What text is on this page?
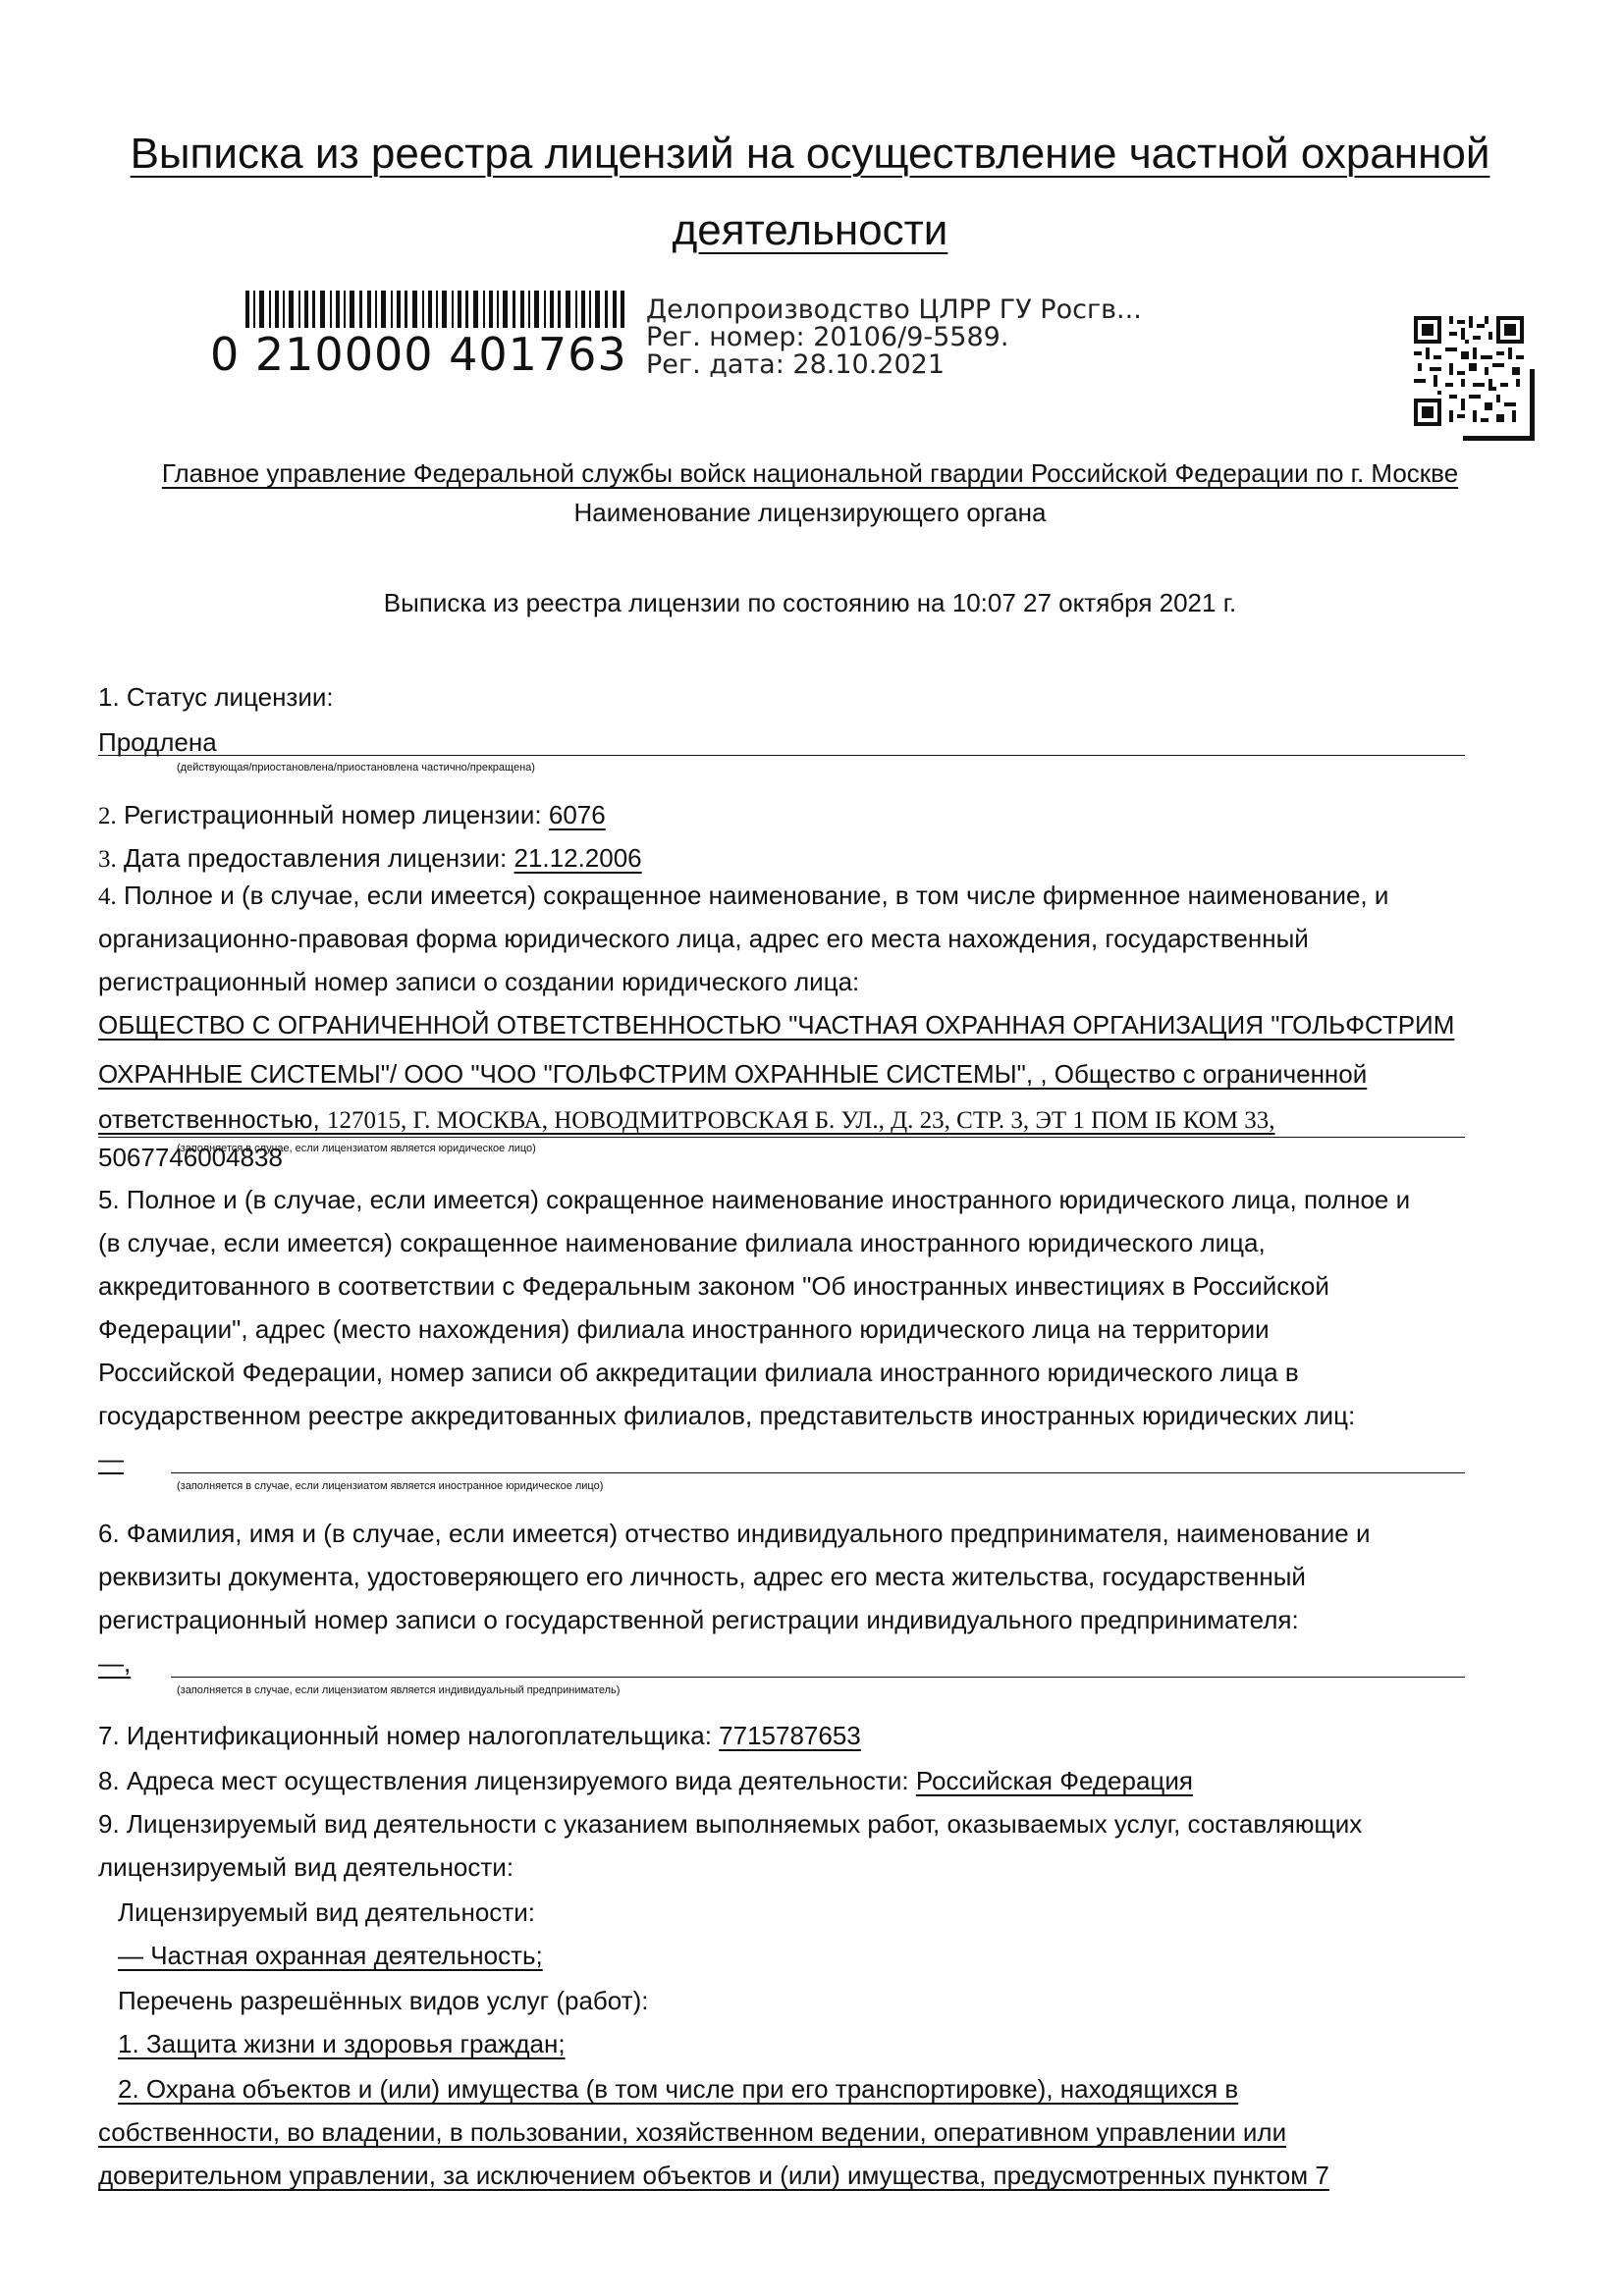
Выписка из реестра лицензий на осуществление частной охранной
деятельности
0 210000 401763
Делопроизводство ЦЛРР ГУ Росгв...
Рег. номер: 20106/9-5589.
Рег. дата: 28.10.2021
Главное управление Федеральной службы войск национальной гвардии Российской Федерации по г. Москве
Наименование лицензирующего органа
Выписка из реестра лицензии по состоянию на 10:07 27 октября 2021 г.
1. Статус лицензии:
Продлена
(действующая/приостановлена/приостановлена частично/прекращена)
2. Регистрационный номер лицензии: 6076
3. Дата предоставления лицензии: 21.12.2006
4. Полное и (в случае, если имеется) сокращенное наименование, в том числе фирменное наименование, и
организационно-правовая форма юридического лица, адрес его места нахождения, государственный
регистрационный номер записи о создании юридического лица:
ОБЩЕСТВО С ОГРАНИЧЕННОЙ ОТВЕТСТВЕННОСТЬЮ "ЧАСТНАЯ ОХРАННАЯ ОРГАНИЗАЦИЯ "ГОЛЬФСТРИМ
ОХРАННЫЕ СИСТЕМЫ"/ ООО "ЧОО "ГОЛЬФСТРИМ ОХРАННЫЕ СИСТЕМЫ", , Общество с ограниченной
ответственностью, 127015, Г. МОСКВА, НОВОДМИТРОВСКАЯ Б. УЛ., Д. 23, СТР. 3, ЭТ 1 ПОМ IБ КОМ 33,
(заполняется в случае, если лицензиатом является юридическое лицо)
5067746004838
5. Полное и (в случае, если имеется) сокращенное наименование иностранного юридического лица, полное и
(в случае, если имеется) сокращенное наименование филиала иностранного юридического лица,
аккредитованного в соответствии с Федеральным законом "Об иностранных инвестициях в Российской
Федерации", адрес (место нахождения) филиала иностранного юридического лица на территории
Российской Федерации, номер записи об аккредитации филиала иностранного юридического лица в
государственном реестре аккредитованных филиалов, представительств иностранных юридических лиц:
—
(заполняется в случае, если лицензиатом является иностранное юридическое лицо)
6. Фамилия, имя и (в случае, если имеется) отчество индивидуального предпринимателя, наименование и
реквизиты документа, удостоверяющего его личность, адрес его места жительства, государственный
регистрационный номер записи о государственной регистрации индивидуального предпринимателя:
—,
(заполняется в случае, если лицензиатом является индивидуальный предприниматель)
7. Идентификационный номер налогоплательщика: 7715787653
8. Адреса мест осуществления лицензируемого вида деятельности: Российская Федерация
9. Лицензируемый вид деятельности с указанием выполняемых работ, оказываемых услуг, составляющих
лицензируемый вид деятельности:
Лицензируемый вид деятельности:
— Частная охранная деятельность;
Перечень разрешённых видов услуг (работ):
1. Защита жизни и здоровья граждан;
2. Охрана объектов и (или) имущества (в том числе при его транспортировке), находящихся в
собственности, во владении, в пользовании, хозяйственном ведении, оперативном управлении или
доверительном управлении, за исключением объектов и (или) имущества, предусмотренных пунктом 7
